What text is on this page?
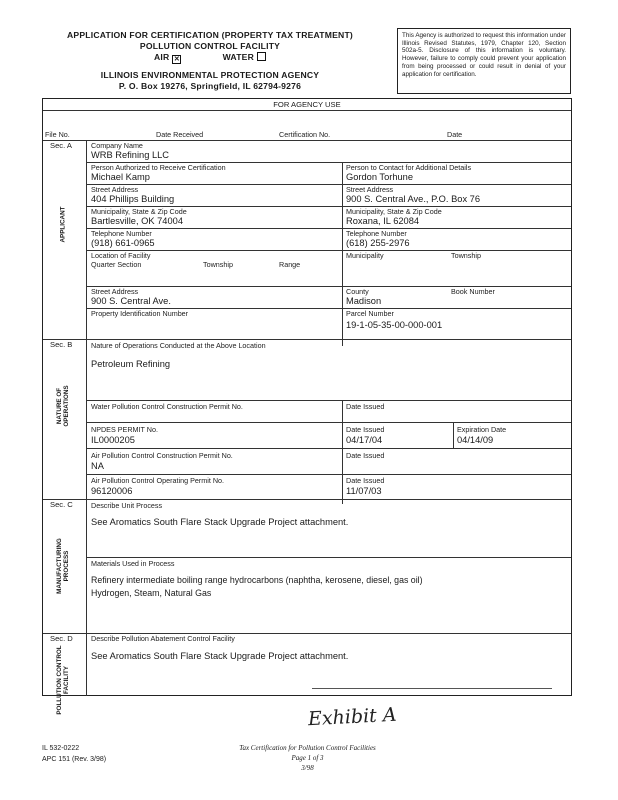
APPLICATION FOR CERTIFICATION (PROPERTY TAX TREATMENT)
POLLUTION CONTROL FACILITY
AIR ✕	WATER
ILLINOIS ENVIRONMENTAL PROTECTION AGENCY
P. O. Box 19276, Springfield, IL 62794-9276
This Agency is authorized to request this information under Illinois Revised Statutes, 1979, Chapter 120, Section 502a-5. Disclosure of this information is voluntary. However, failure to comply could prevent your application from being processed or could result in denial of your application for certification.
FOR AGENCY USE
File No.	Date Received	Certification No.	Date
Sec. A
APPLICANT
Company Name
WRB Refining LLC
Person Authorized to Receive Certification
Michael Kamp
Person to Contact for Additional Details
Gordon Torhune
Street Address
404 Phillips Building
Street Address
900 S. Central Ave., P.O. Box 76
Municipality, State & Zip Code
Bartlesville, OK 74004
Municipality, State & Zip Code
Roxana, IL 62084
Telephone Number
(918) 661-0965
Telephone Number
(618) 255-2976
Location of Facility
Quarter Section	Township	Range
Municipality	Township
Street Address
900 S. Central Ave.
County
Madison
Book Number
Property Identification Number	Parcel Number
19-1-05-35-00-000-001
Sec. B
NATURE OF OPERATIONS
Nature of Operations Conducted at the Above Location
Petroleum Refining
Water Pollution Control Construction Permit No.	Date Issued
NPDES PERMIT No.
IL0000205
Date Issued
04/17/04
Expiration Date
04/14/09
Air Pollution Control Construction Permit No.
NA
Date Issued
Air Pollution Control Operating Permit No.
96120006
Date Issued
11/07/03
Sec. C
MANUFACTURING PROCESS
Describe Unit Process
See Aromatics South Flare Stack Upgrade Project attachment.
Materials Used in Process
Refinery intermediate boiling range hydrocarbons (naphtha, kerosene, diesel, gas oil)
Hydrogen, Steam, Natural Gas
Sec. D
POLLUTION CONTROL FACILITY
Describe Pollution Abatement Control Facility
See Aromatics South Flare Stack Upgrade Project attachment.
Exhibit A
IL 532-0222
APC 151 (Rev. 3/98)
Tax Certification for Pollution Control Facilities
Page 1 of 3
3/98
